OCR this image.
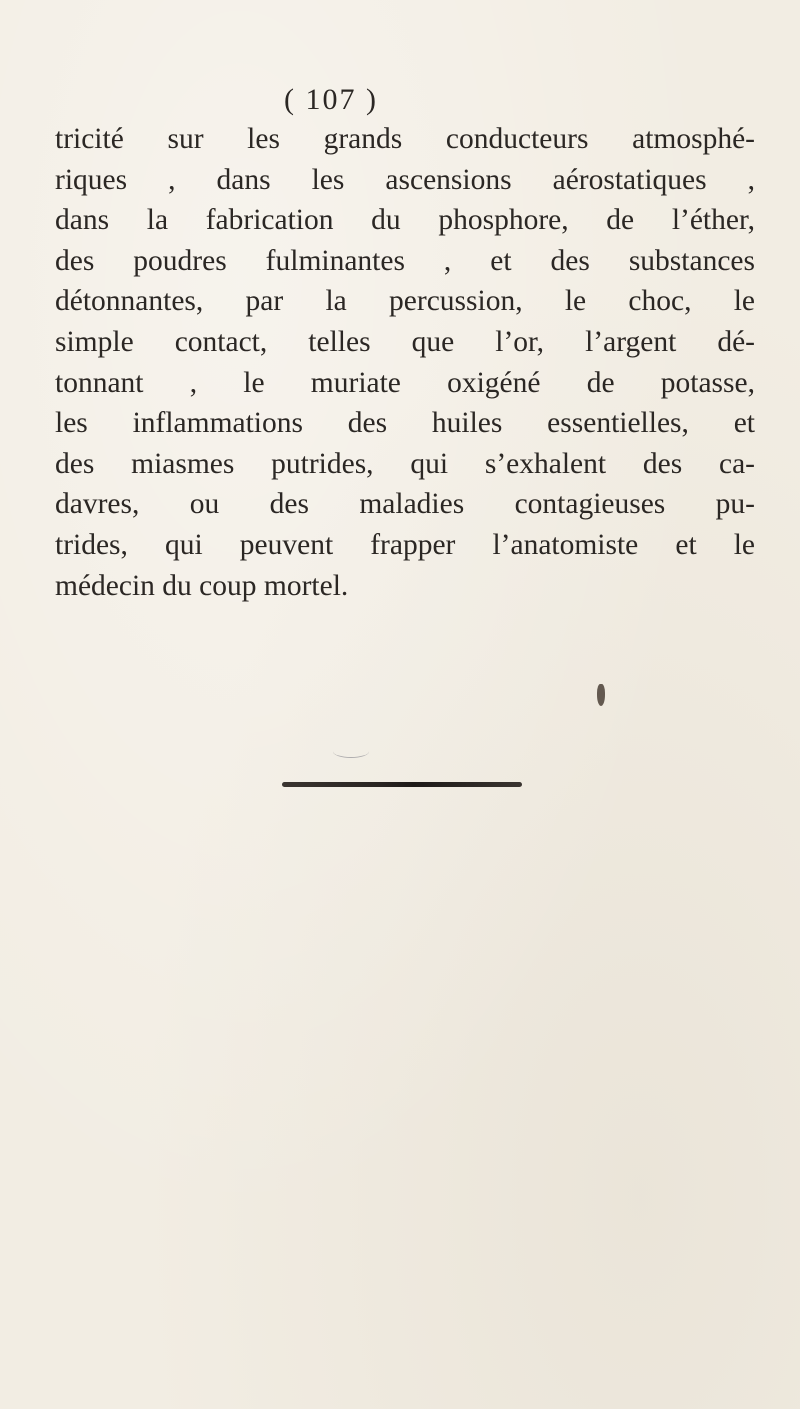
( 107 )
tricité sur les grands conducteurs atmosphé-
riques , dans les ascensions aérostatiques ,
dans la fabrication du phosphore, de l’éther,
des poudres fulminantes , et des substances
détonnantes, par la percussion, le choc, le
simple contact, telles que l’or, l’argent dé-
tonnant , le muriate oxigéné de potasse,
les inflammations des huiles essentielles, et
des miasmes putrides, qui s’exhalent des ca-
davres, ou des maladies contagieuses pu-
trides, qui peuvent frapper l’anatomiste et le
médecin du coup mortel.
